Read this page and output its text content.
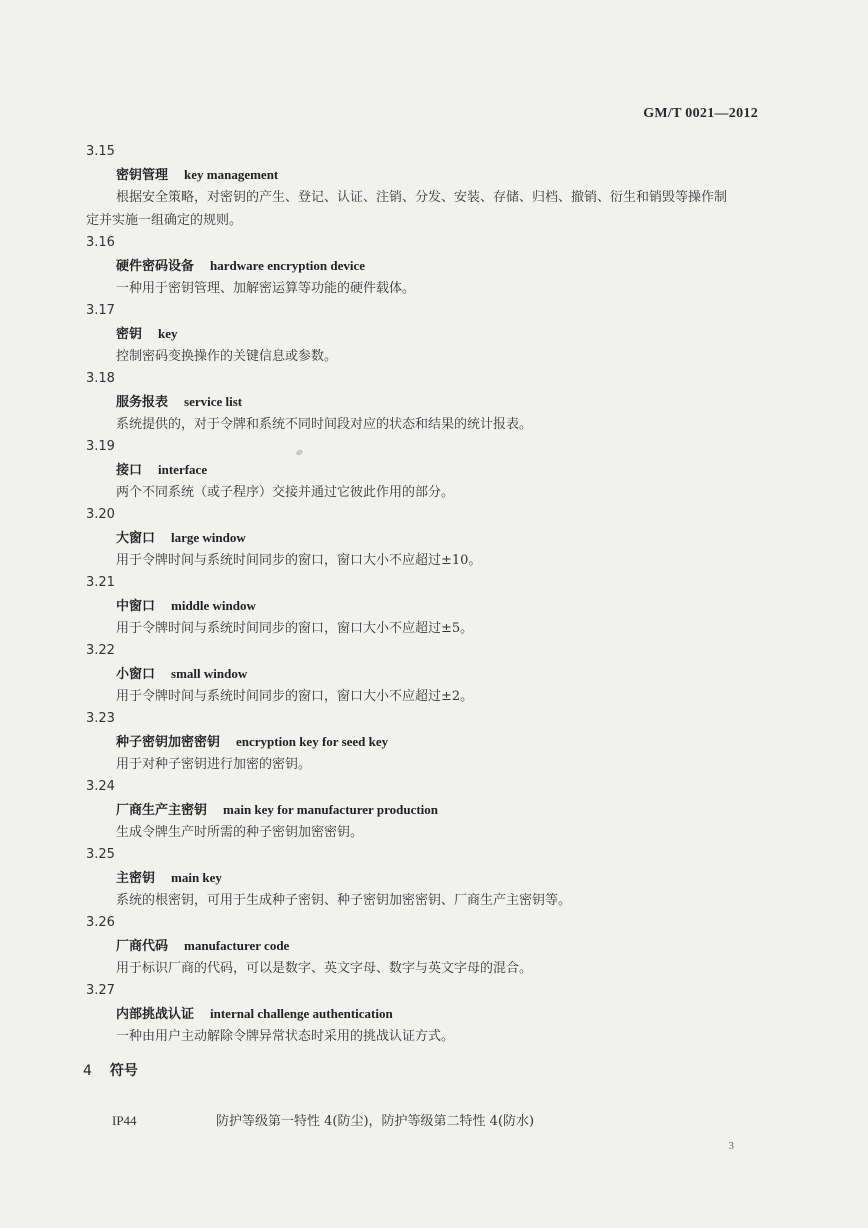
GM/T 0021—2012
3.15
密钥管理 key management
根据安全策略，对密钥的产生、登记、认证、注销、分发、安装、存储、归档、撤销、衍生和销毁等操作制
定并实施一组确定的规则。
3.16
硬件密码设备 hardware encryption device
一种用于密钥管理、加解密运算等功能的硬件载体。
3.17
密钥 key
控制密码变换操作的关键信息或参数。
3.18
服务报表 service list
系统提供的，对于令牌和系统不同时间段对应的状态和结果的统计报表。
3.19
接口 interface
两个不同系统（或子程序）交接并通过它彼此作用的部分。
3.20
大窗口 large window
用于令牌时间与系统时间同步的窗口，窗口大小不应超过±10。
3.21
中窗口 middle window
用于令牌时间与系统时间同步的窗口，窗口大小不应超过±5。
3.22
小窗口 small window
用于令牌时间与系统时间同步的窗口，窗口大小不应超过±2。
3.23
种子密钥加密密钥 encryption key for seed key
用于对种子密钥进行加密的密钥。
3.24
厂商生产主密钥 main key for manufacturer production
生成令牌生产时所需的种子密钥加密密钥。
3.25
主密钥 main key
系统的根密钥，可用于生成种子密钥、种子密钥加密密钥、厂商生产主密钥等。
3.26
厂商代码 manufacturer code
用于标识厂商的代码，可以是数字、英文字母、数字与英文字母的混合。
3.27
内部挑战认证 internal challenge authentication
一种由用户主动解除令牌异常状态时采用的挑战认证方式。
4 符号
IP44	防护等级第一特性 4(防尘)，防护等级第二特性 4(防水)
3
